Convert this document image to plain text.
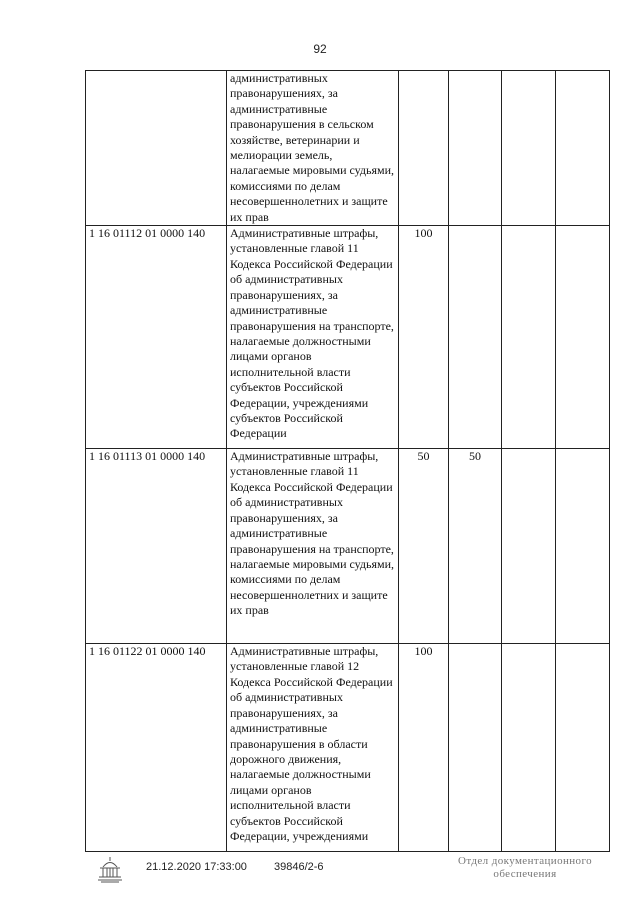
92
	административных правонарушениях, за административные правонарушения в сельском хозяйстве, ветеринарии и мелиорации земель, налагаемые мировыми судьями, комиссиями по делам несовершеннолетних и защите их прав				
1 16 01112 01 0000 140	Административные штрафы, установленные главой 11 Кодекса Российской Федерации об административных правонарушениях, за административные правонарушения на транспорте, налагаемые должностными лицами органов исполнительной власти субъектов Российской Федерации, учреждениями субъектов Российской Федерации	100			
1 16 01113 01 0000 140	Административные штрафы, установленные главой 11 Кодекса Российской Федерации об административных правонарушениях, за административные правонарушения на транспорте, налагаемые мировыми судьями, комиссиями по делам несовершеннолетних и защите их прав	50	50		
1 16 01122 01 0000 140	Административные штрафы, установленные главой 12 Кодекса Российской Федерации об административных правонарушениях, за административные правонарушения в области дорожного движения, налагаемые должностными лицами органов исполнительной власти субъектов Российской Федерации, учреждениями	100			
21.12.2020 17:33:00 39846/2-6	Отдел документационного
обеспечения
